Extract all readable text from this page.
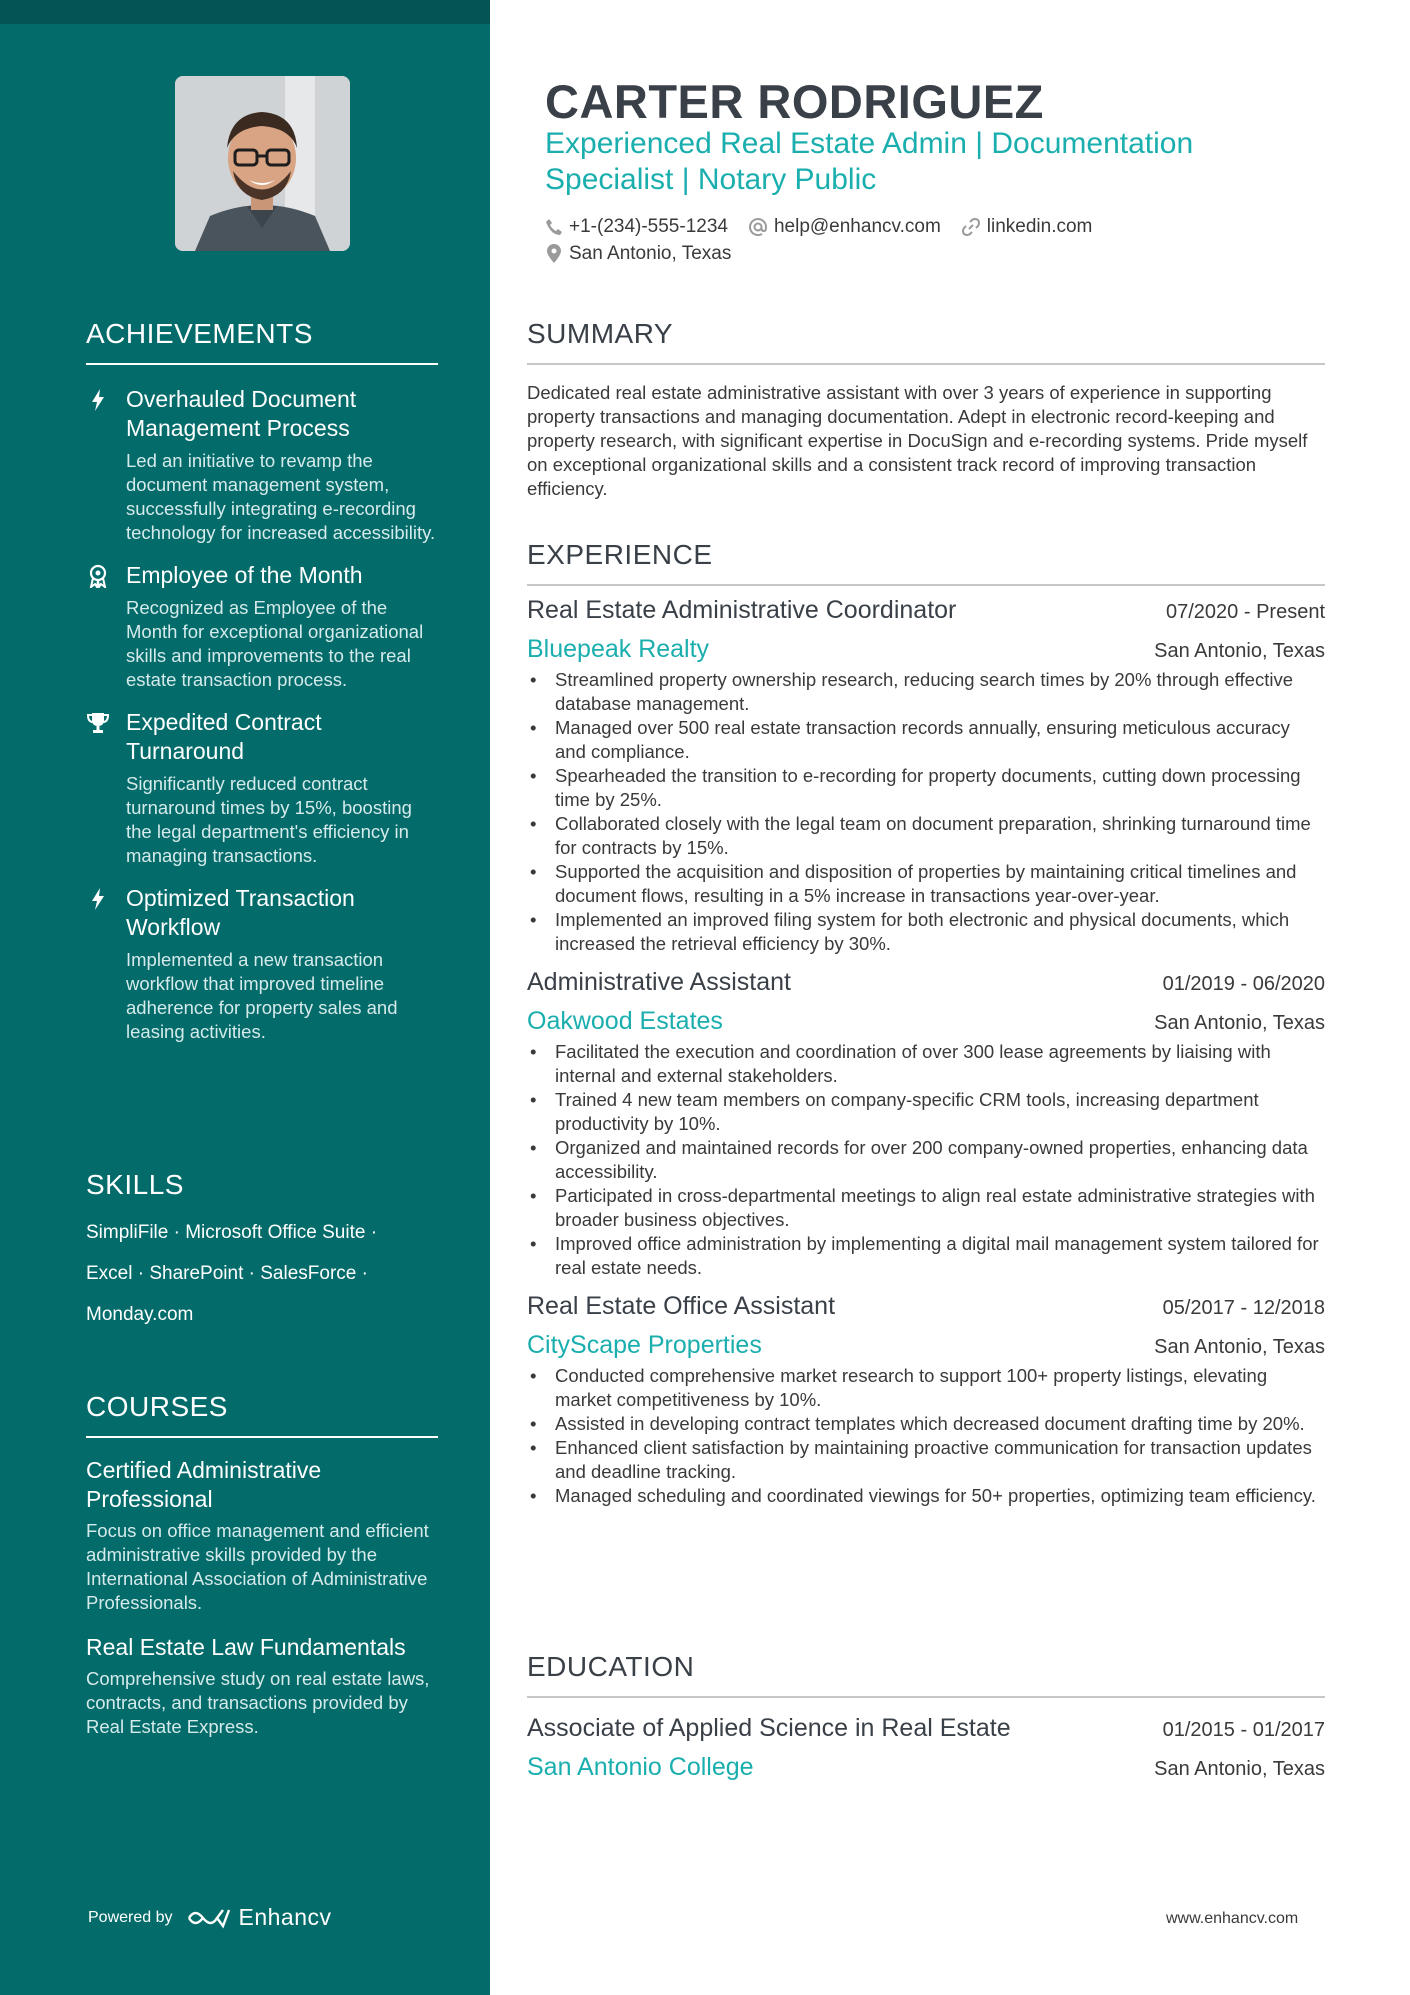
ACHIEVEMENTS
Overhauled Document Management Process
Led an initiative to revamp the document management system, successfully integrating e-recording technology for increased accessibility.
Employee of the Month
Recognized as Employee of the Month for exceptional organizational skills and improvements to the real estate transaction process.
Expedited Contract Turnaround
Significantly reduced contract turnaround times by 15%, boosting the legal department's efficiency in managing transactions.
Optimized Transaction Workflow
Implemented a new transaction workflow that improved timeline adherence for property sales and leasing activities.
SKILLS
SimpliFile · Microsoft Office Suite ·
Excel · SharePoint · SalesForce ·
Monday.com
COURSES
Certified Administrative Professional
Focus on office management and efficient administrative skills provided by the International Association of Administrative Professionals.
Real Estate Law Fundamentals
Comprehensive study on real estate laws, contracts, and transactions provided by Real Estate Express.
Powered by	Enhancv
CARTER RODRIGUEZ
Experienced Real Estate Admin | Documentation
Specialist | Notary Public
+1-(234)-555-1234 help@enhancv.com linkedin.com
San Antonio, Texas
SUMMARY
Dedicated real estate administrative assistant with over 3 years of experience in supporting property transactions and managing documentation. Adept in electronic record-keeping and property research, with significant expertise in DocuSign and e-recording systems. Pride myself on exceptional organizational skills and a consistent track record of improving transaction efficiency.
EXPERIENCE
Real Estate Administrative Coordinator	07/2020 - Present
Bluepeak Realty	San Antonio, Texas
• Streamlined property ownership research, reducing search times by 20% through effective database management.
• Managed over 500 real estate transaction records annually, ensuring meticulous accuracy and compliance.
• Spearheaded the transition to e-recording for property documents, cutting down processing time by 25%.
• Collaborated closely with the legal team on document preparation, shrinking turnaround time for contracts by 15%.
• Supported the acquisition and disposition of properties by maintaining critical timelines and document flows, resulting in a 5% increase in transactions year-over-year.
• Implemented an improved filing system for both electronic and physical documents, which increased the retrieval efficiency by 30%.
Administrative Assistant	01/2019 - 06/2020
Oakwood Estates	San Antonio, Texas
• Facilitated the execution and coordination of over 300 lease agreements by liaising with internal and external stakeholders.
• Trained 4 new team members on company-specific CRM tools, increasing department productivity by 10%.
• Organized and maintained records for over 200 company-owned properties, enhancing data accessibility.
• Participated in cross-departmental meetings to align real estate administrative strategies with broader business objectives.
• Improved office administration by implementing a digital mail management system tailored for real estate needs.
Real Estate Office Assistant	05/2017 - 12/2018
CityScape Properties	San Antonio, Texas
• Conducted comprehensive market research to support 100+ property listings, elevating market competitiveness by 10%.
• Assisted in developing contract templates which decreased document drafting time by 20%.
• Enhanced client satisfaction by maintaining proactive communication for transaction updates and deadline tracking.
• Managed scheduling and coordinated viewings for 50+ properties, optimizing team efficiency.
EDUCATION
Associate of Applied Science in Real Estate	01/2015 - 01/2017
San Antonio College	San Antonio, Texas
www.enhancv.com
